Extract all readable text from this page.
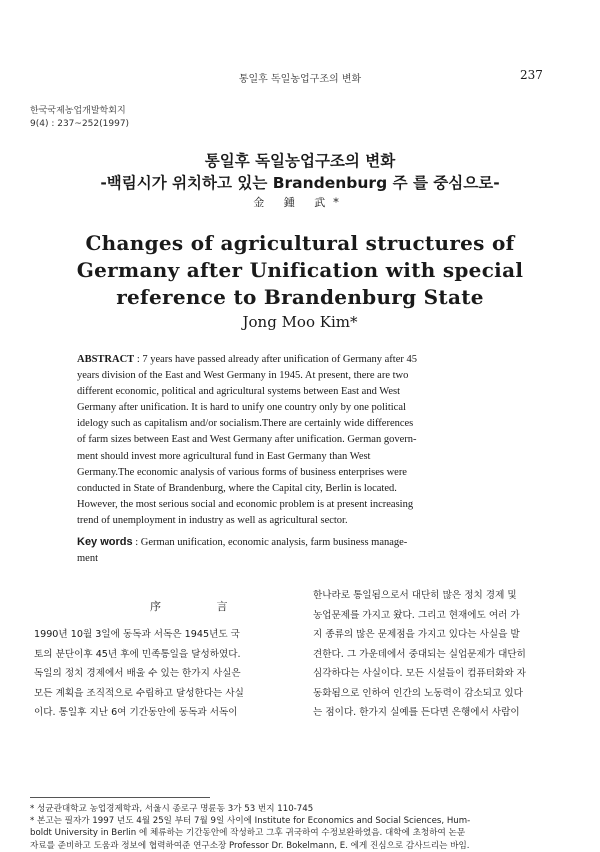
통일후 독일농업구조의 변화	237
한국국제농업개발학회지
9(4) : 237~252(1997)
통일후 독일농업구조의 변화
-백림시가 위치하고 있는 Brandenburg 주 를 중심으로-
金 鍾 武*
Changes of agricultural structures of
Germany after Unification with special
reference to Brandenburg State
Jong Moo Kim*
ABSTRACT : 7 years have passed already after unification of Germany after 45
years division of the East and West Germany in 1945. At present, there are two
different economic, political and agricultural systems between East and West
Germany after unification. It is hard to unify one country only by one political
idelogy such as capitalism and/or socialism.There are certainly wide differences
of farm sizes between East and West Germany after unification. German govern-
ment should invest more agricultural fund in East Germany than West
Germany.The economic analysis of various forms of business enterprises were
conducted in State of Brandenburg, where the Capital city, Berlin is located.
However, the most serious social and economic problem is at present increasing
trend of unemployment in industry as well as agricultural sector.
Key words : German unification, economic analysis, farm business manage-
ment
序 言
1990년 10월 3일에 동독과 서독은 1945년도 국
토의 분단이후 45년 후에 민족통일을 달성하였다.
독일의 정치 경제에서 배울 수 있는 한가지 사실은
모든 계획을 조직적으로 수립하고 달성한다는 사실
이다. 통일후 지난 6여 기간동안에 동독과 서독이
한나라로 통일됨으로서 대단히 많은 정치 경제 및
농업문제를 가지고 왔다. 그리고 현재에도 여러 가
지 종류의 많은 문제점을 가지고 있다는 사실을 발
견한다. 그 가운데에서 중대되는 실업문제가 대단히
심각하다는 사실이다. 모든 시설들이 컴퓨터화와 자
동화됨으로 인하여 인간의 노동력이 감소되고 있다
는 점이다. 한가지 실예를 든다면 은행에서 사람이
* 성균관대학교 농업경제학과, 서울시 종로구 명륜동 3가 53 번지 110-745
* 본고는 필자가 1997 년도 4월 25일 부터 7월 9일 사이에 Institute for Economics and Social Sciences, Hum-
boldt University in Berlin 에 체류하는 기간동안에 작성하고 그후 귀국하여 수정보완하였음. 대학에 초청하여 논문
자료를 준비하고 도움과 정보에 협력하여준 연구소장 Professor Dr. Bokelmann, E. 에게 진심으로 감사드리는 바임.
